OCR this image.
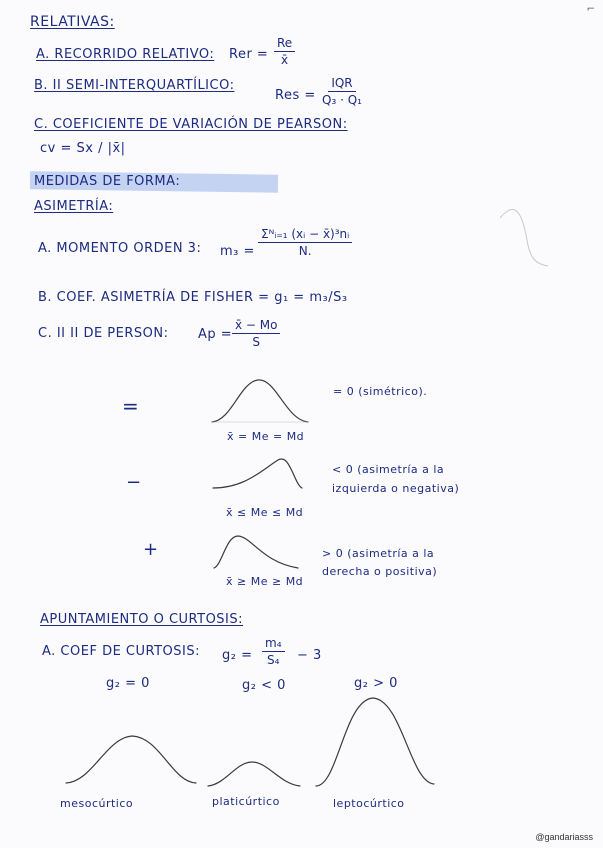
⌐
RELATIVAS:
A. RECORRIDO RELATIVO: Rer = $\frac{Re}{x̄}$
B. II SEMI-INTERQUARTÍLICO:
Res =
IQR
Q₃ · Q₁
C. COEFICIENTE DE VARIACIÓN DE PEARSON:
cv = Sx / |x̄|
MEDIDAS DE FORMA:
ASIMETRÍA:
A. MOMENTO ORDEN 3: m₃ =
Σᴺᵢ₌₁ (xᵢ − x̄)³nᵢ
N.
B. COEF. ASIMETRÍA DE FISHER = g₁ = m₃/S₃
C. II II DE PERSON: $Ap = \frac{x̄ - Mo}{S}$
=
x̄ = Me = Md
= 0 (simétrico).
−
x̄ ≤ Me ≤ Md
< 0 (asimetría a la
izquierda o negativa)
+
x̄ ≥ Me ≥ Md
> 0 (asimetría a la
derecha o positiva)
APUNTAMIENTO O CURTOSIS:
A. COEF DE CURTOSIS: $g_2 = \frac{\text{m₄}}{\text{S₄}} - 3$
g₂ = 0	g₂ < 0	g₂ > 0
mesocúrtico	platicúrtico	leptocúrtico
@gandariasss
